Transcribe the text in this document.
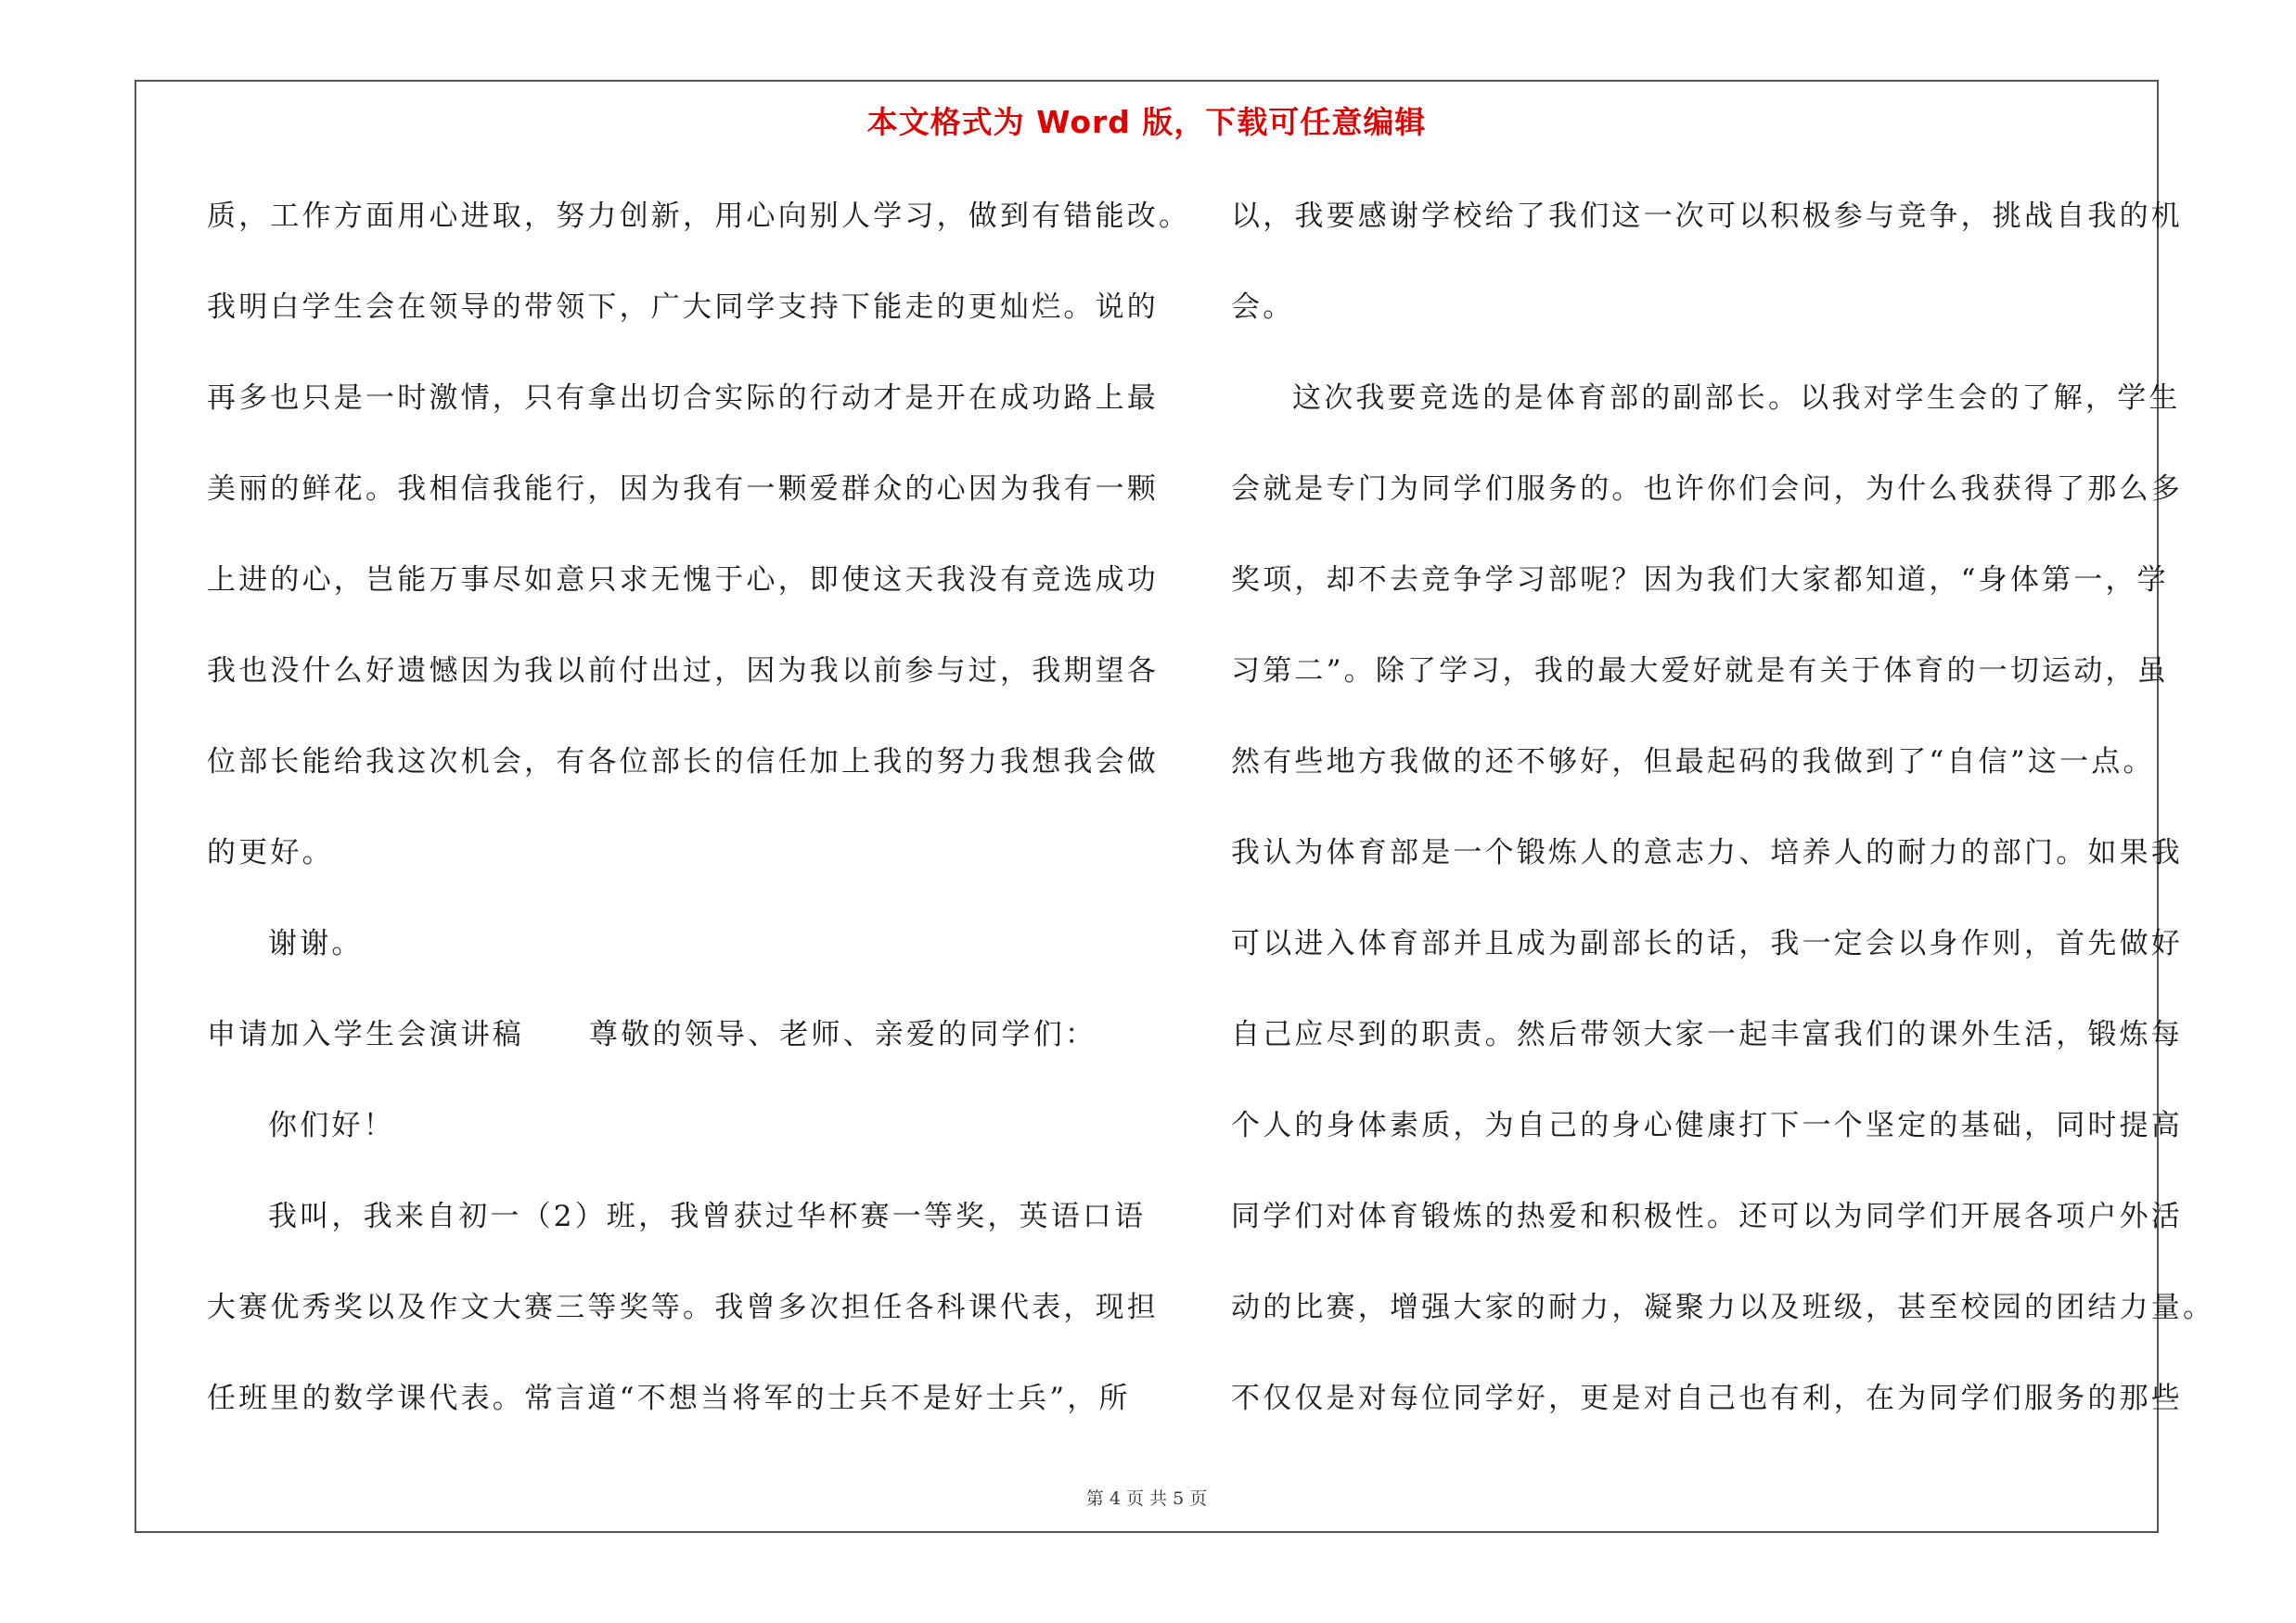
本文格式为 Word 版，下载可任意编辑
质，工作方面用心进取，努力创新，用心向别人学习，做到有错能改。
我明白学生会在领导的带领下，广大同学支持下能走的更灿烂。说的
再多也只是一时激情，只有拿出切合实际的行动才是开在成功路上最
美丽的鲜花。我相信我能行，因为我有一颗爱群众的心因为我有一颗
上进的心，岂能万事尽如意只求无愧于心，即使这天我没有竞选成功
我也没什么好遗憾因为我以前付出过，因为我以前参与过，我期望各
位部长能给我这次机会，有各位部长的信任加上我的努力我想我会做
的更好。
谢谢。
申请加入学生会演讲稿 尊敬的领导、老师、亲爱的同学们：
你们好！
我叫，我来自初一（2）班，我曾获过华杯赛一等奖，英语口语
大赛优秀奖以及作文大赛三等奖等。我曾多次担任各科课代表，现担
任班里的数学课代表。常言道“不想当将军的士兵不是好士兵”，所
以，我要感谢学校给了我们这一次可以积极参与竞争，挑战自我的机
会。
这次我要竞选的是体育部的副部长。以我对学生会的了解，学生
会就是专门为同学们服务的。也许你们会问，为什么我获得了那么多
奖项，却不去竞争学习部呢？因为我们大家都知道，“身体第一，学
习第二”。除了学习，我的最大爱好就是有关于体育的一切运动，虽
然有些地方我做的还不够好，但最起码的我做到了“自信”这一点。
我认为体育部是一个锻炼人的意志力、培养人的耐力的部门。如果我
可以进入体育部并且成为副部长的话，我一定会以身作则，首先做好
自己应尽到的职责。然后带领大家一起丰富我们的课外生活，锻炼每
个人的身体素质，为自己的身心健康打下一个坚定的基础，同时提高
同学们对体育锻炼的热爱和积极性。还可以为同学们开展各项户外活
动的比赛，增强大家的耐力，凝聚力以及班级，甚至校园的团结力量。
不仅仅是对每位同学好，更是对自己也有利，在为同学们服务的那些
第 4 页 共 5 页
